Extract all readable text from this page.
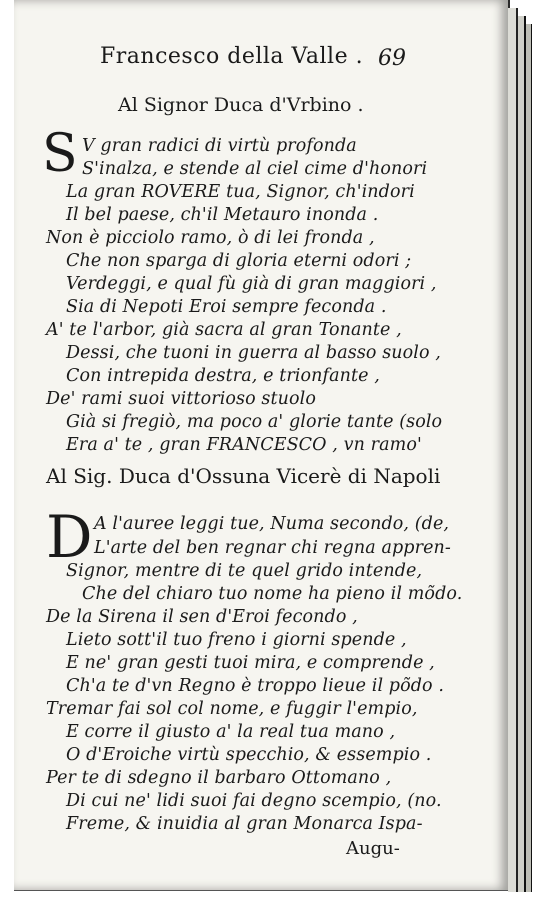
Francesco della Valle . 69
Al Signor Duca d'Vrbino .
S V gran radici di virtù profonda
S'inalza, e stende al ciel cime d'honori
La gran ROVERE tua, Signor, ch'indori
Il bel paese, ch'il Metauro inonda .
Non è picciolo ramo, ò di lei fronda ,
Che non sparga di gloria eterni odori ;
Verdeggi, e qual fù già di gran maggiori ,
Sia di Nepoti Eroi sempre feconda .
A' te l'arbor, già sacra al gran Tonante ,
Dessi, che tuoni in guerra al basso suolo ,
Con intrepida destra, e trionfante ,
De' rami suoi vittorioso stuolo
Già si fregiò, ma poco a' glorie tante (solo
Era a' te , gran FRANCESCO , vn ramo'
Al Sig. Duca d'Ossuna Vicerè di Napoli
D A l'auree leggi tue, Numa secondo, (de,
L'arte del ben regnar chi regna appren-
Signor, mentre di te quel grido intende,
Che del chiaro tuo nome ha pieno il mõdo.
De la Sirena il sen d'Eroi fecondo ,
Lieto sott'il tuo freno i giorni spende ,
E ne' gran gesti tuoi mira, e comprende ,
Ch'a te d'vn Regno è troppo lieue il põdo .
Tremar fai sol col nome, e fuggir l'empio,
E corre il giusto a' la real tua mano ,
O d'Eroiche virtù specchio, & essempio .
Per te di sdegno il barbaro Ottomano ,
Di cui ne' lidi suoi fai degno scempio, (no.
Freme, & inuidia al gran Monarca Ispa-
Augu-
